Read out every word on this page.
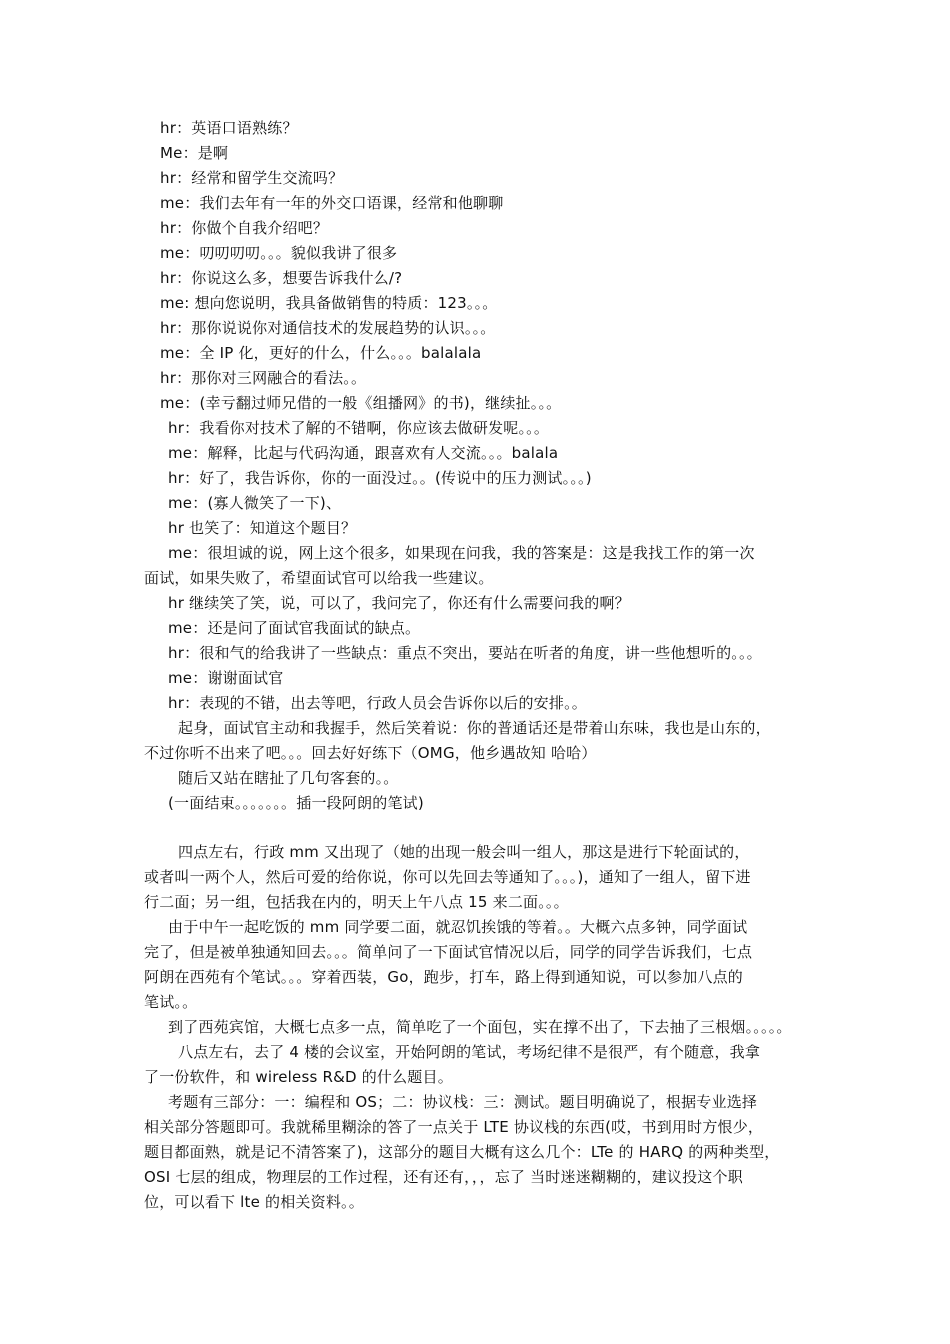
hr：英语口语熟练？
Me：是啊
hr：经常和留学生交流吗？
me：我们去年有一年的外交口语课，经常和他聊聊
hr：你做个自我介绍吧？
me：叨叨叨叨。。。貌似我讲了很多
hr：你说这么多，想要告诉我什么/?
me: 想向您说明，我具备做销售的特质：123。。。
hr：那你说说你对通信技术的发展趋势的认识。。。
me：全 IP 化，更好的什么，什么。。。balalala
hr：那你对三网融合的看法。。
me：(幸亏翻过师兄借的一般《组播网》的书)，继续扯。。。
hr：我看你对技术了解的不错啊，你应该去做研发呢。。。
me：解释，比起与代码沟通，跟喜欢有人交流。。。balala
hr：好了，我告诉你，你的一面没过。。(传说中的压力测试。。。)
me：(寡人微笑了一下)、
hr 也笑了：知道这个题目？
me：很坦诚的说，网上这个很多，如果现在问我，我的答案是：这是我找工作的第一次
面试，如果失败了，希望面试官可以给我一些建议。
hr 继续笑了笑，说，可以了，我问完了，你还有什么需要问我的啊？
me：还是问了面试官我面试的缺点。
hr：很和气的给我讲了一些缺点：重点不突出，要站在听者的角度，讲一些他想听的。。。
me：谢谢面试官
hr：表现的不错，出去等吧，行政人员会告诉你以后的安排。。
起身，面试官主动和我握手，然后笑着说：你的普通话还是带着山东味，我也是山东的，
不过你听不出来了吧。。。回去好好练下（OMG，他乡遇故知 哈哈）
随后又站在瞎扯了几句客套的。。
(一面结束。。。。。。。插一段阿朗的笔试)
四点左右，行政 mm 又出现了（她的出现一般会叫一组人，那这是进行下轮面试的，
或者叫一两个人，然后可爱的给你说，你可以先回去等通知了。。。)，通知了一组人，留下进
行二面；另一组，包括我在内的，明天上午八点 15 来二面。。。
由于中午一起吃饭的 mm 同学要二面，就忍饥挨饿的等着。。大概六点多钟，同学面试
完了，但是被单独通知回去。。。简单问了一下面试官情况以后，同学的同学告诉我们，七点
阿朗在西苑有个笔试。。。穿着西装，Go，跑步，打车，路上得到通知说，可以参加八点的
笔试。。
到了西苑宾馆，大概七点多一点，简单吃了一个面包，实在撑不出了，下去抽了三根烟。。。。。
八点左右，去了 4 楼的会议室，开始阿朗的笔试，考场纪律不是很严，有个随意，我拿
了一份软件，和 wireless R&D 的什么题目。
考题有三部分：一：编程和 OS；二：协议栈：三：测试。题目明确说了，根据专业选择
相关部分答题即可。我就稀里糊涂的答了一点关于 LTE 协议栈的东西(哎，书到用时方恨少，
题目都面熟，就是记不清答案了)，这部分的题目大概有这么几个：LTe 的 HARQ 的两种类型，
OSI 七层的组成，物理层的工作过程，还有还有，，，忘了 当时迷迷糊糊的，建议投这个职
位，可以看下 lte 的相关资料。。
